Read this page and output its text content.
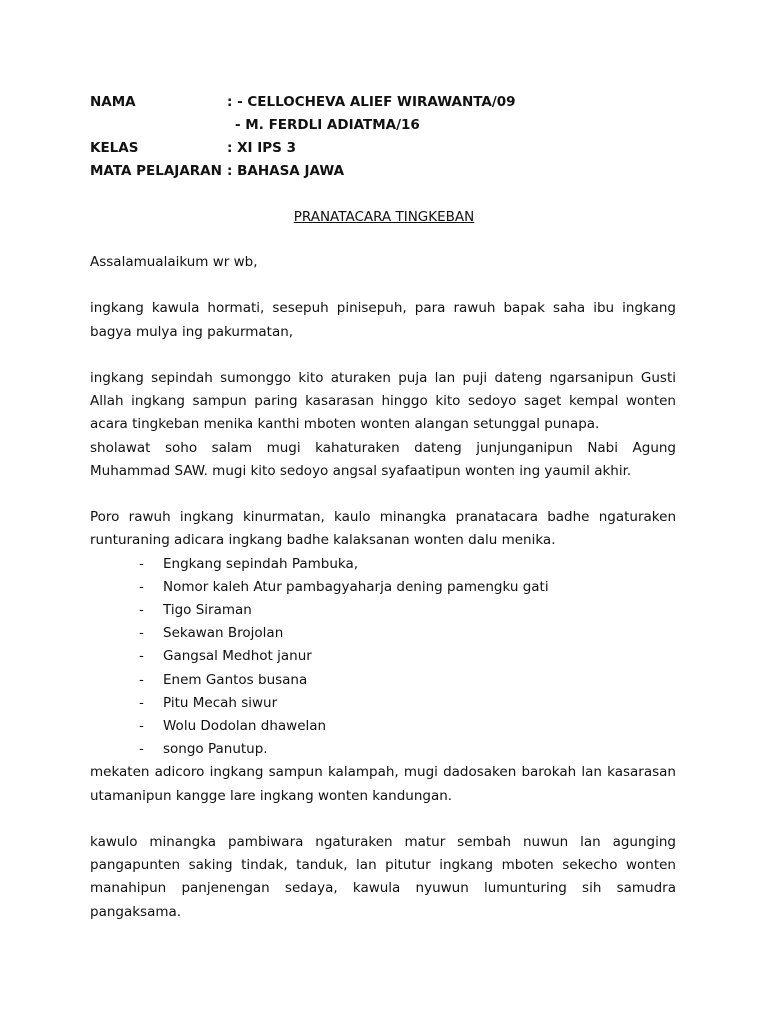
NAMA	: - CELLOCHEVA ALIEF WIRAWANTA/09
- M. FERDLI ADIATMA/16
KELAS	: XI IPS 3
MATA PELAJARAN : BAHASA JAWA
PRANATACARA TINGKEBAN

Assalamualaikum wr wb,

ingkang kawula hormati, sesepuh pinisepuh, para rawuh bapak saha ibu ingkang bagya mulya ing pakurmatan,

ingkang sepindah sumonggo kito aturaken puja lan puji dateng ngarsanipun Gusti Allah ingkang sampun paring kasarasan hinggo kito sedoyo saget kempal wonten acara tingkeban menika kanthi mboten wonten alangan setunggal punapa.

sholawat soho salam mugi kahaturaken dateng junjunganipun Nabi Agung Muhammad SAW. mugi kito sedoyo angsal syafaatipun wonten ing yaumil akhir.

Poro rawuh ingkang kinurmatan, kaulo minangka pranatacara badhe ngaturaken runturaning adicara ingkang badhe kalaksanan wonten dalu menika.

- Engkang sepindah Pambuka,
- Nomor kaleh Atur pambagyaharja dening pamengku gati
- Tigo Siraman
- Sekawan Brojolan
- Gangsal Medhot janur
- Enem Gantos busana
- Pitu Mecah siwur
- Wolu Dodolan dhawelan
- songo Panutup.

mekaten adicoro ingkang sampun kalampah, mugi dadosaken barokah lan kasarasan utamanipun kangge lare ingkang wonten kandungan.

kawulo minangka pambiwara ngaturaken matur sembah nuwun lan agunging pangapunten saking tindak, tanduk, lan pitutur ingkang mboten sekecho wonten manahipun panjenengan sedaya, kawula nyuwun lumunturing sih samudra pangaksama.
